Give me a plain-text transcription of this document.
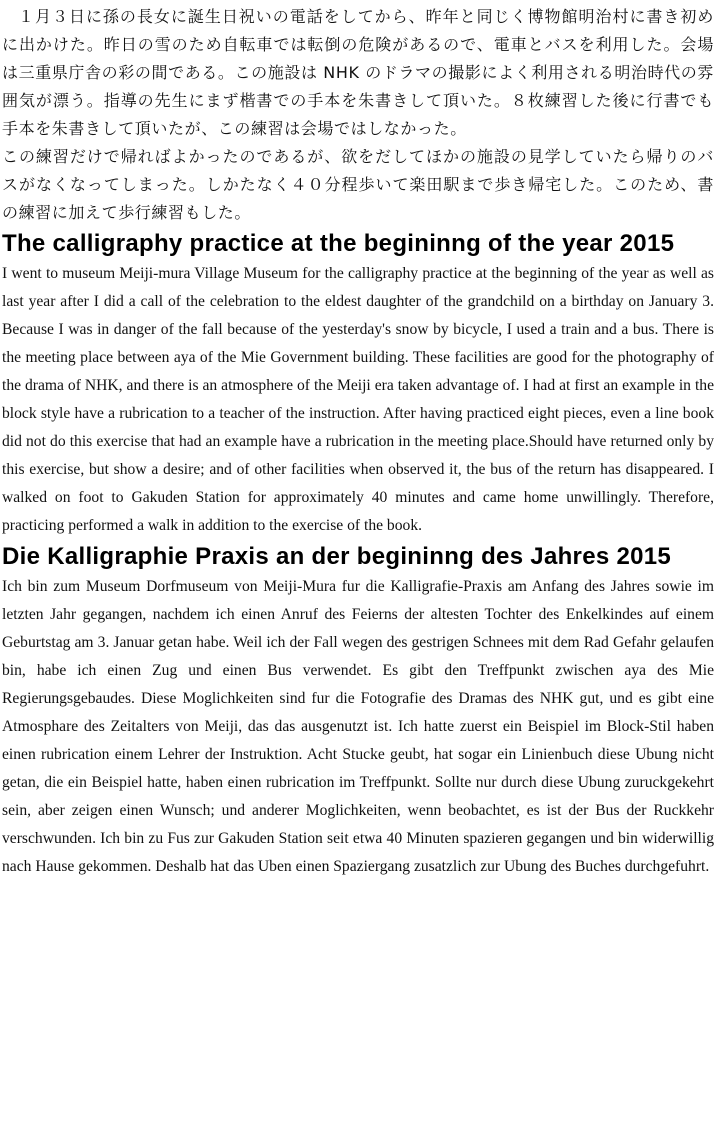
１月３日に孫の長女に誕生日祝いの電話をしてから、昨年と同じく博物館明治村に書き初めに出かけた。昨日の雪のため自転車では転倒の危険があるので、電車とバスを利用した。会場は三重県庁舎の彩の間である。この施設は NHK のドラマの撮影によく利用される明治時代の雰囲気が漂う。指導の先生にまず楷書での手本を朱書きして頂いた。８枚練習した後に行書でも手本を朱書きして頂いたが、この練習は会場ではしなかった。

この練習だけで帰ればよかったのであるが、欲をだしてほかの施設の見学していたら帰りのバスがなくなってしまった。しかたなく４０分程歩いて楽田駅まで歩き帰宅した。このため、書の練習に加えて歩行練習もした。

The calligraphy practice at the begininng of the year 2015

I went to museum Meiji-mura Village Museum for the calligraphy practice at the beginning of the year as well as last year after I did a call of the celebration to the eldest daughter of the grandchild on a birthday on January 3. Because I was in danger of the fall because of the yesterday's snow by bicycle, I used a train and a bus. There is the meeting place between aya of the Mie Government building. These facilities are good for the photography of the drama of NHK, and there is an atmosphere of the Meiji era taken advantage of. I had at first an example in the block style have a rubrication to a teacher of the instruction. After having practiced eight pieces, even a line book did not do this exercise that had an example have a rubrication in the meeting place.Should have returned only by this exercise, but show a desire; and of other facilities when observed it, the bus of the return has disappeared. I walked on foot to Gakuden Station for approximately 40 minutes and came home unwillingly. Therefore, practicing performed a walk in addition to the exercise of the book.

Die Kalligraphie Praxis an der begininng des Jahres 2015

Ich bin zum Museum Dorfmuseum von Meiji-Mura fur die Kalligrafie-Praxis am Anfang des Jahres sowie im letzten Jahr gegangen, nachdem ich einen Anruf des Feierns der altesten Tochter des Enkelkindes auf einem Geburtstag am 3. Januar getan habe. Weil ich der Fall wegen des gestrigen Schnees mit dem Rad Gefahr gelaufen bin, habe ich einen Zug und einen Bus verwendet. Es gibt den Treffpunkt zwischen aya des Mie Regierungsgebaudes. Diese Moglichkeiten sind fur die Fotografie des Dramas des NHK gut, und es gibt eine Atmosphare des Zeitalters von Meiji, das das ausgenutzt ist. Ich hatte zuerst ein Beispiel im Block-Stil haben einen rubrication einem Lehrer der Instruktion. Acht Stucke geubt, hat sogar ein Linienbuch diese Ubung nicht getan, die ein Beispiel hatte, haben einen rubrication im Treffpunkt. Sollte nur durch diese Ubung zuruckgekehrt sein, aber zeigen einen Wunsch; und anderer Moglichkeiten, wenn beobachtet, es ist der Bus der Ruckkehr verschwunden. Ich bin zu Fus zur Gakuden Station seit etwa 40 Minuten spazieren gegangen und bin widerwillig nach Hause gekommen. Deshalb hat das Uben einen Spaziergang zusatzlich zur Ubung des Buches durchgefuhrt.
